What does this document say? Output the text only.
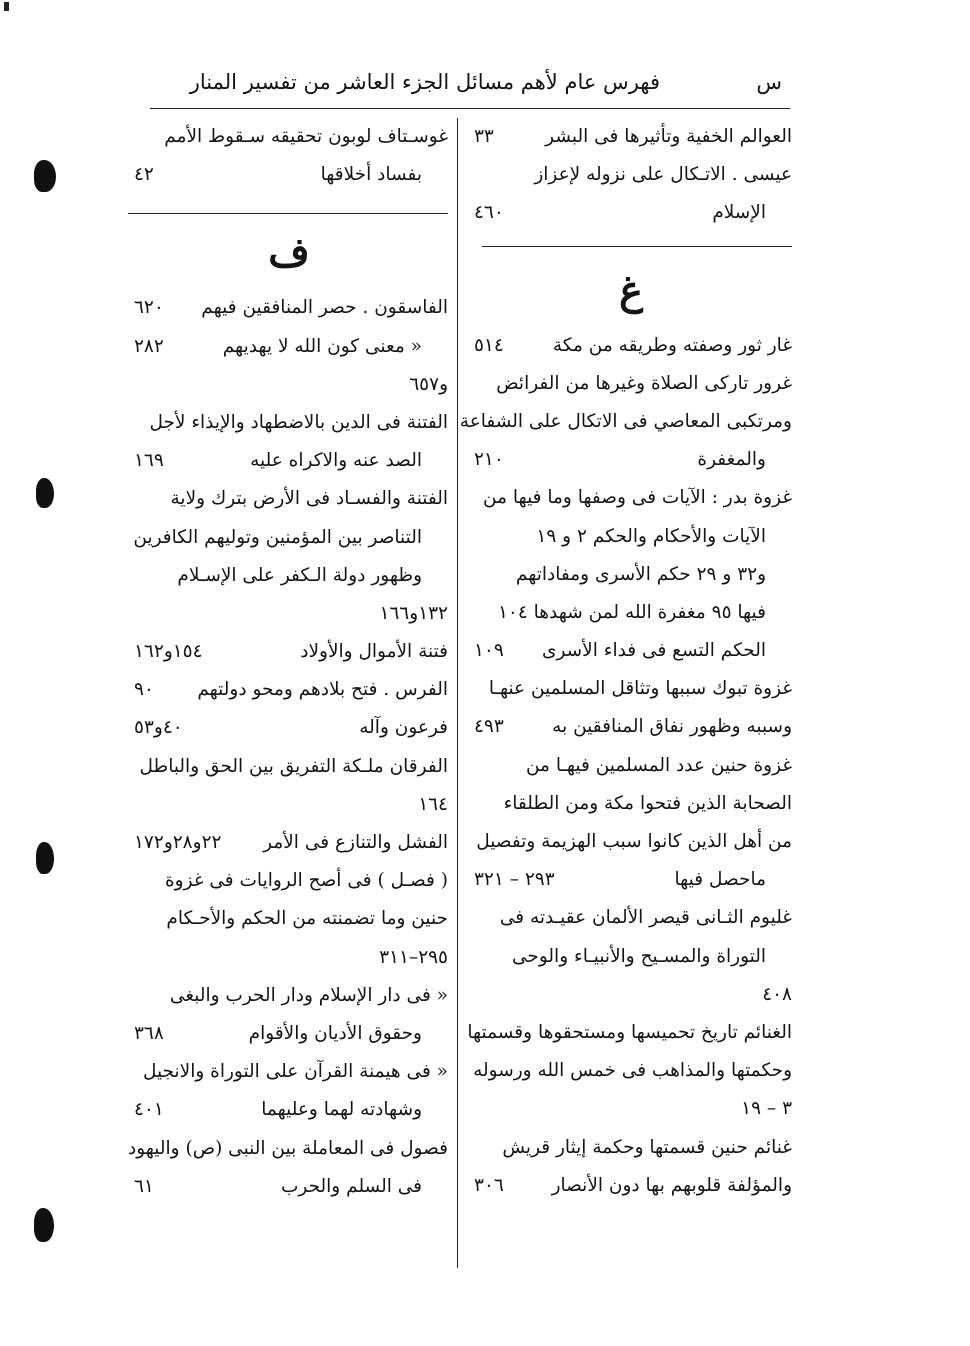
س
فهرس عام لأهم مسائل الجزء العاشر من تفسير المنار
العوالم الخفية وتأثيرها فى البشر
٣٣
عيسى . الاتـكال على نزوله لإعزاز
الإسلام
٤٦٠
غ
غار ثور وصفته وطريقه من مكة
٥١٤
غرور تاركى الصلاة وغيرها من الفرائض
ومرتكبى المعاصي فى الاتكال على الشفاعة
والمغفرة
٢١٠
غزوة بدر : الآيات فى وصفها وما فيها من
الآيات والأحكام والحكم ٢ و ١٩
و٣٢ و ٢٩ حكم الأسرى ومفاداتهم
فيها ٩٥ مغفرة الله لمن شهدها ١٠٤
الحكم التسع فى فداء الأسرى
١٠٩
غزوة تبوك سببها وتثاقل المسلمين عنهـا
وسببه وظهور نفاق المنافقين به
٤٩٣
غزوة حنين عدد المسلمين فيهـا من
الصحابة الذين فتحوا مكة ومن الطلقاء
من أهل الذين كانوا سبب الهزيمة وتفصيل
ماحصل فيها
٢٩٣ – ٣٢١
غليوم الثـانى قيصر الألمان عقيـدته فى
التوراة والمسـيح والأنبيـاء والوحى
٤٠٨
الغنائم تاريخ تحميسها ومستحقوها وقسمتها
وحكمتها والمذاهب فى خمس الله ورسوله
٣ – ١٩
غنائم حنين قسمتها وحكمة إيثار قريش
والمؤلفة قلوبهم بها دون الأنصار
٣٠٦
غوسـتاف لوبون تحقيقه سـقوط الأمم
بفساد أخلاقها
٤٢
ف
الفاسقون . حصر المنافقين فيهم
٦٢٠
« معنى كون الله لا يهديهم
٢٨٢
و٦٥٧
الفتنة فى الدين بالاضطهاد والإيذاء لأجل
الصد عنه والاكراه عليه
١٦٩
الفتنة والفسـاد فى الأرض بترك ولاية
التناصر بين المؤمنين وتوليهم الكافرين
وظهور دولة الـكفر على الإسـلام
١٣٢و١٦٦
فتنة الأموال والأولاد
١٥٤و١٦٢
الفرس . فتح بلادهم ومحو دولتهم
٩٠
فرعون وآله
٤٠و٥٣
الفرقان ملـكة التفريق بين الحق والباطل
١٦٤
الفشل والتنازع فى الأمر
٢٢و٢٨و١٧٢
( فصـل ) فى أصح الروايات فى غزوة
حنين وما تضمنته من الحكم والأحـكام
٢٩٥–٣١١
« فى دار الإسلام ودار الحرب والبغى
وحقوق الأديان والأقوام
٣٦٨
« فى هيمنة القرآن على التوراة والانجيل
وشهادته لهما وعليهما
٤٠١
فصول فى المعاملة بين النبى (ص) واليهود
فى السلم والحرب
٦١
